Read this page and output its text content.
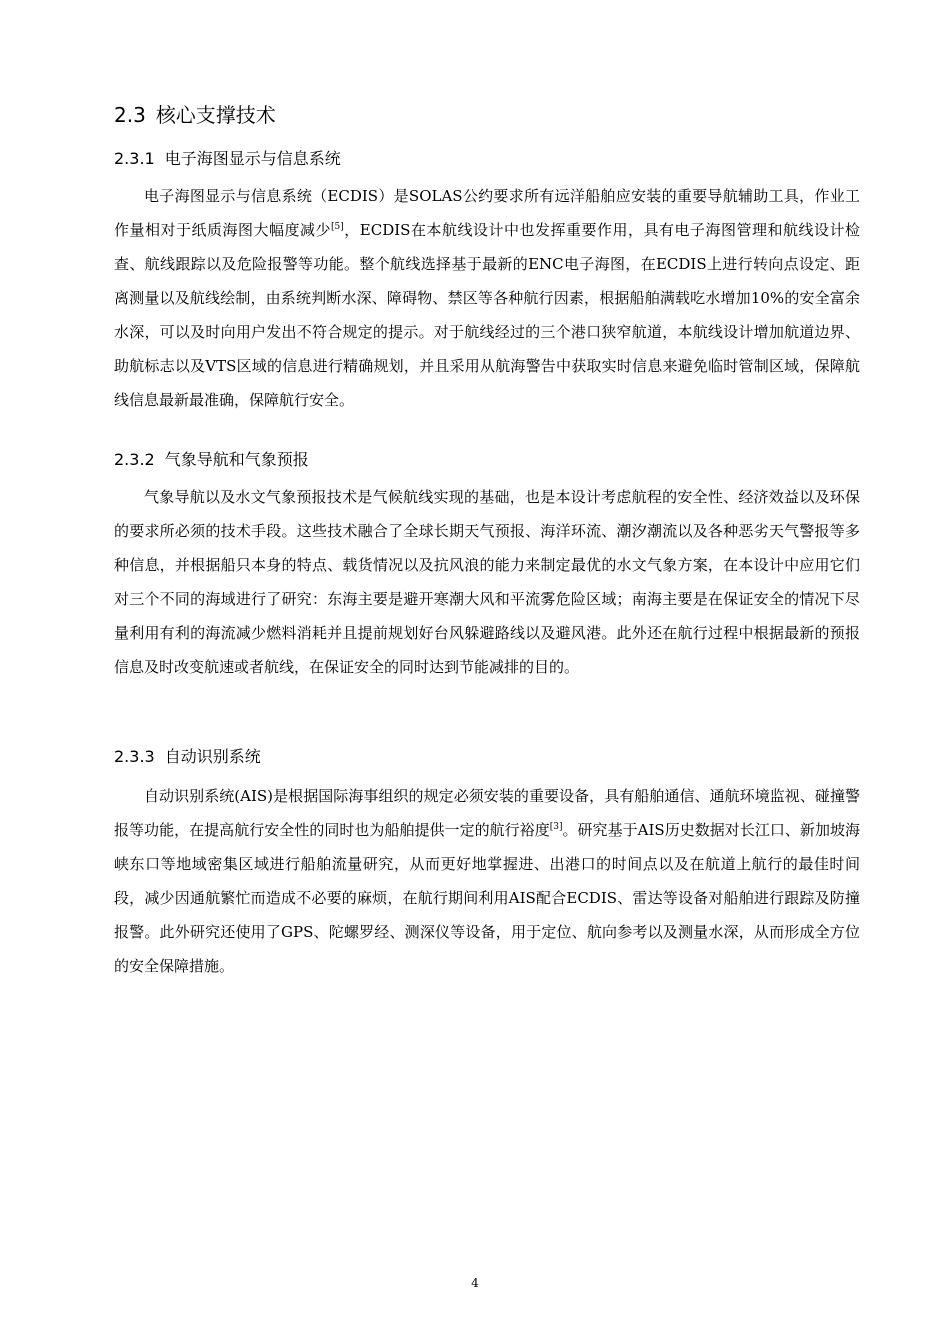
2.3 核心支撑技术
2.3.1 电子海图显示与信息系统

电子海图显示与信息系统（ECDIS）是SOLAS公约要求所有远洋船舶应安装的重要导航辅助工具，作业工作量相对于纸质海图大幅度减少[5]，ECDIS在本航线设计中也发挥重要作用，具有电子海图管理和航线设计检查、航线跟踪以及危险报警等功能。整个航线选择基于最新的ENC电子海图，在ECDIS上进行转向点设定、距离测量以及航线绘制，由系统判断水深、障碍物、禁区等各种航行因素，根据船舶满载吃水增加10%的安全富余水深，可以及时向用户发出不符合规定的提示。对于航线经过的三个港口狭窄航道，本航线设计增加航道边界、助航标志以及VTS区域的信息进行精确规划，并且采用从航海警告中获取实时信息来避免临时管制区域，保障航线信息最新最准确，保障航行安全。

2.3.2 气象导航和气象预报

气象导航以及水文气象预报技术是气候航线实现的基础，也是本设计考虑航程的安全性、经济效益以及环保的要求所必须的技术手段。这些技术融合了全球长期天气预报、海洋环流、潮汐潮流以及各种恶劣天气警报等多种信息，并根据船只本身的特点、载货情况以及抗风浪的能力来制定最优的水文气象方案，在本设计中应用它们对三个不同的海域进行了研究：东海主要是避开寒潮大风和平流雾危险区域；南海主要是在保证安全的情况下尽量利用有利的海流减少燃料消耗并且提前规划好台风躲避路线以及避风港。此外还在航行过程中根据最新的预报信息及时改变航速或者航线，在保证安全的同时达到节能减排的目的。

2.3.3 自动识别系统

自动识别系统(AIS)是根据国际海事组织的规定必须安装的重要设备，具有船舶通信、通航环境监视、碰撞警报等功能，在提高航行安全性的同时也为船舶提供一定的航行裕度[3]。研究基于AIS历史数据对长江口、新加坡海峡东口等地域密集区域进行船舶流量研究，从而更好地掌握进、出港口的时间点以及在航道上航行的最佳时间段，减少因通航繁忙而造成不必要的麻烦，在航行期间利用AIS配合ECDIS、雷达等设备对船舶进行跟踪及防撞报警。此外研究还使用了GPS、陀螺罗经、测深仪等设备，用于定位、航向参考以及测量水深，从而形成全方位的安全保障措施。

4
